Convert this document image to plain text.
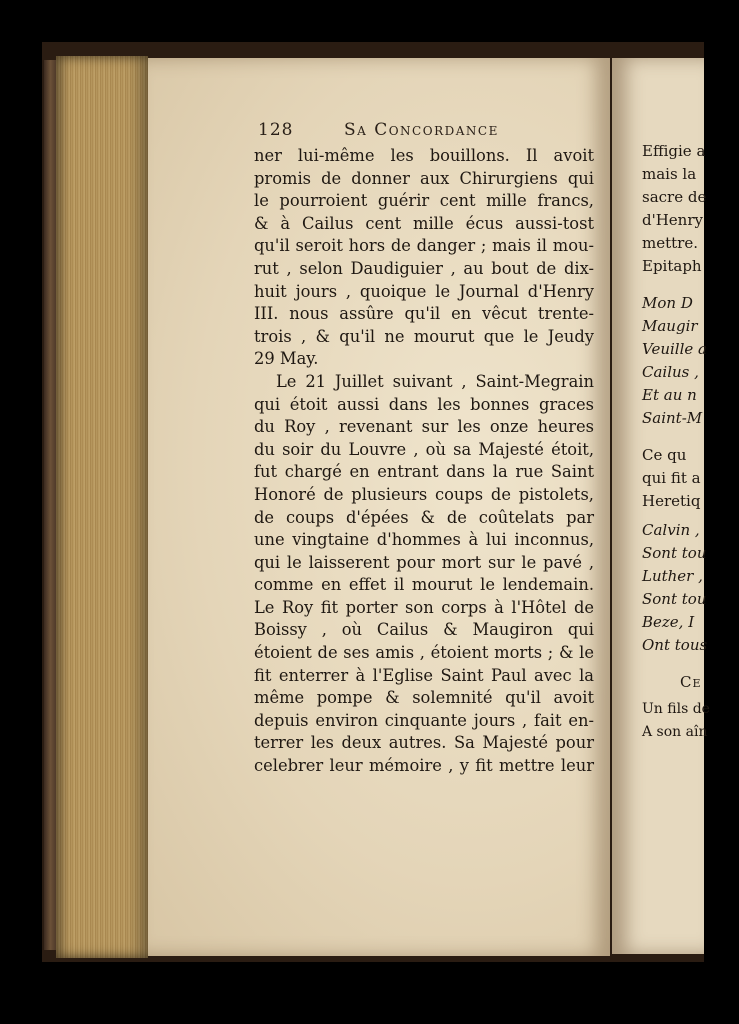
128	Sa Concordance
ner lui-même les bouillons. Il avoit
promis de donner aux Chirurgiens qui
le pourroient guérir cent mille francs,
& à Cailus cent mille écus aussi-tost
qu'il seroit hors de danger ; mais il mou-
rut , selon Daudiguier , au bout de dix-
huit jours , quoique le Journal d'Henry
III. nous assûre qu'il en vêcut trente-
trois , & qu'il ne mourut que le Jeudy
29 May.
Le 21 Juillet suivant , Saint-Megrain
qui étoit aussi dans les bonnes graces
du Roy , revenant sur les onze heures
du soir du Louvre , où sa Majesté étoit,
fut chargé en entrant dans la rue Saint
Honoré de plusieurs coups de pistolets,
de coups d'épées & de coûtelats par
une vingtaine d'hommes à lui inconnus,
qui le laisserent pour mort sur le pavé ,
comme en effet il mourut le lendemain.
Le Roy fit porter son corps à l'Hôtel de
Boissy , où Cailus & Maugiron qui
étoient de ses amis , étoient morts ; & le
fit enterrer à l'Eglise Saint Paul avec la
même pompe & solemnité qu'il avoit
depuis environ cinquante jours , fait en-
terrer les deux autres. Sa Majesté pour
celebrer leur mémoire , y fit mettre leur
Effigie a
mais la
sacre de
d'Henry
mettre.
Epitaph
Mon D
Maugir
Veuille a
Cailus ,
Et au n
Saint-M
Ce qu
qui fit a
Heretiq
Calvin ,
Sont tou
Luther ,
Sont tou
Beze, I
Ont tous
Ce
Un fils de
A son aîn
